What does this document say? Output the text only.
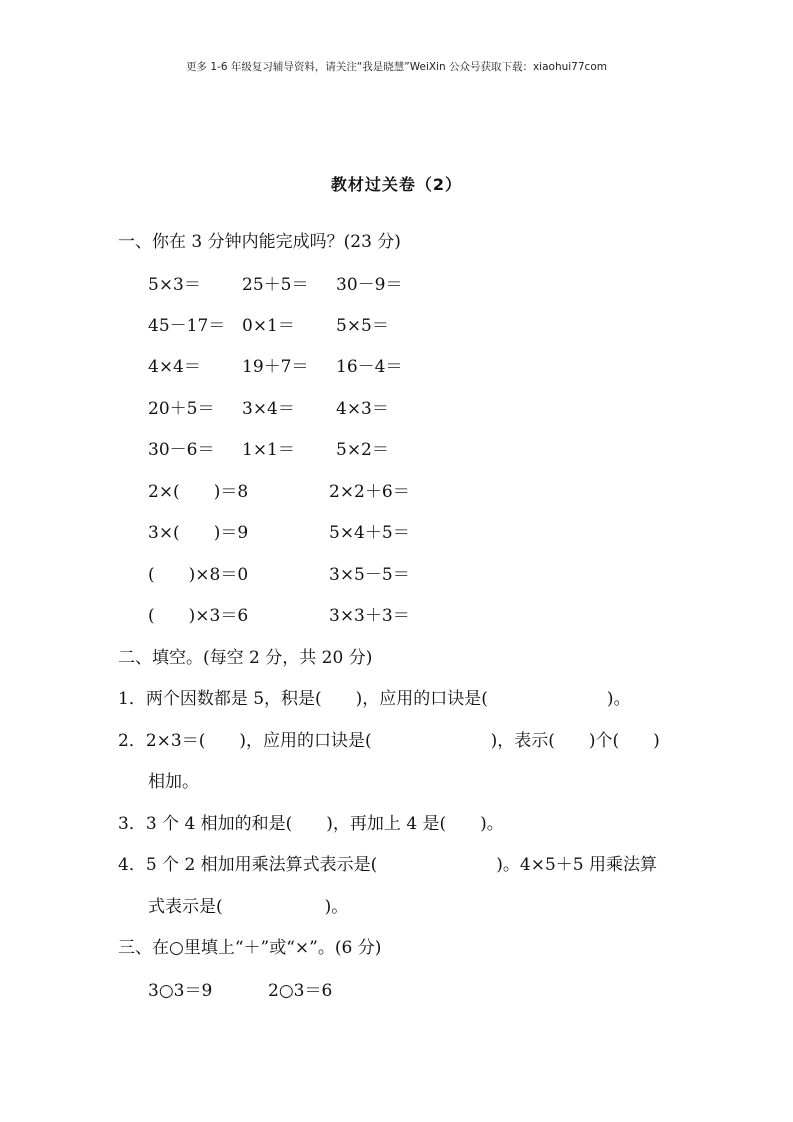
更多 1-6 年级复习辅导资料，请关注“我是晓慧”WeiXin 公众号获取下载：xiaohui77com
教材过关卷（2）
一、你在 3 分钟内能完成吗？(23 分)
5×3＝ 25＋5＝ 30－9＝
45－17＝ 0×1＝ 5×5＝
4×4＝ 19＋7＝ 16－4＝
20＋5＝ 3×4＝ 4×3＝
30－6＝ 1×1＝ 5×2＝
2×(　　)＝8	2×2＋6＝
3×(　　)＝9	5×4＋5＝
(　　)×8＝0	3×5－5＝
(　　)×3＝6	3×3＋3＝
二、填空。(每空 2 分，共 20 分)
1．两个因数都是 5，积是(　　)，应用的口诀是(　　　　　　　)。
2．2×3＝(　　)，应用的口诀是(　　　　　　　)，表示(　　)个(　　)
相加。
3．3 个 4 相加的和是(　　)，再加上 4 是(　　)。
4．5 个 2 相加用乘法算式表示是(　　　　　　　)。4×5＋5 用乘法算
式表示是(　　　　　　)。
三、在○里填上“＋”或“×”。(6 分)
3○3＝9	2○3＝6
